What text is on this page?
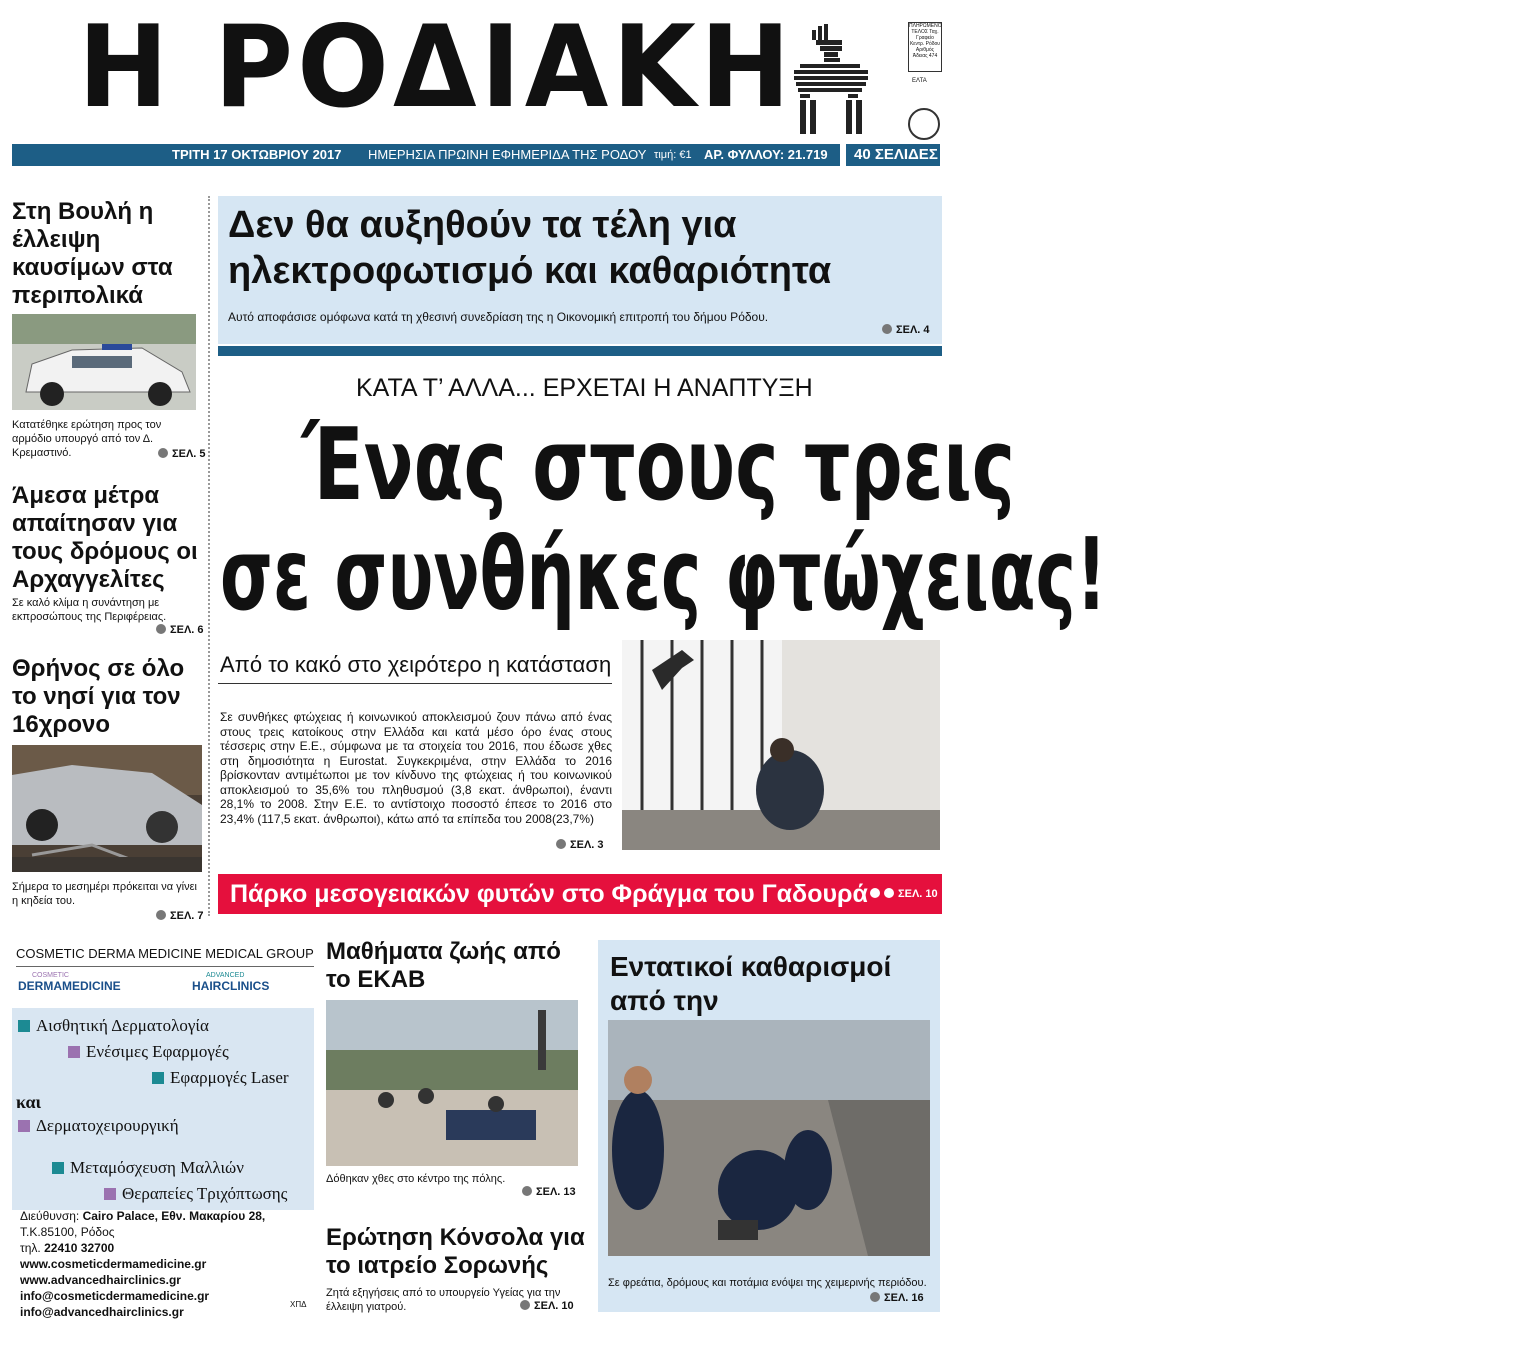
Η ΡΟΔΙΑΚΗ	ΠΛΗΡΩΜΕΝΟ ΤΕΛΟΣ Ταχ. Γραφείο Κεντρ. Ρόδου Αριθμός Άδειας 474
ΕΛΤΑ
ΤΡΙΤΗ 17 ΟΚΤΩΒΡΙΟΥ 2017 ΗΜΕΡΗΣΙΑ ΠΡΩΙΝΗ ΕΦΗΜΕΡΙΔΑ ΤΗΣ ΡΟΔΟΥ τιμή: €1 ΑΡ. ΦΥΛΛΟΥ: 21.719	40 ΣΕΛΙΔΕΣ
Στη Βουλή η έλλειψη καυσίμων στα περιπολικά
Κατατέθηκε ερώτηση προς τον αρμόδιο υπουργό από τον Δ. Κρεμαστινό.	ΣΕΛ. 5
Άμεσα μέτρα απαίτησαν για τους δρόμους οι Αρχαγγελίτες
Σε καλό κλίμα η συνάντηση με εκπροσώπους της Περιφέρειας.
ΣΕΛ. 6
Θρήνος σε όλο το νησί για τον 16χρονο
Σήμερα το μεσημέρι πρόκειται να γίνει η κηδεία του.
ΣΕΛ. 7
Δεν θα αυξηθούν τα τέλη για
ηλεκτροφωτισμό και καθαριότητα
Αυτό αποφάσισε ομόφωνα κατά τη χθεσινή συνεδρίαση της η Οικονομική επιτροπή του δήμου Ρόδου.
ΣΕΛ. 4
ΚΑΤΑ Τ’ ΑΛΛΑ... ΕΡΧΕΤΑΙ Η ΑΝΑΠΤΥΞΗ
Ένας στους τρεις
σε συνθήκες φτώχειας!
Από το κακό στο χειρότερο η κατάσταση
Σε συνθήκες φτώχειας ή κοινωνικού αποκλεισμού ζουν πάνω από ένας στους τρεις κατοίκους στην Ελλάδα και κατά μέσο όρο ένας στους τέσσερις στην Ε.Ε., σύμφωνα με τα στοιχεία του 2016, που έδωσε χθες στη δημοσιότητα η Eurostat. Συγκεκριμένα, στην Ελλάδα το 2016 βρίσκονταν αντιμέτωποι με τον κίνδυνο της φτώχειας ή του κοινωνικού αποκλεισμού το 35,6% του πληθυσμού (3,8 εκατ. άνθρωποι), έναντι 28,1% το 2008. Στην Ε.Ε. το αντίστοιχο ποσοστό έπεσε το 2016 στο 23,4% (117,5 εκατ. άνθρωποι), κάτω από τα επίπεδα του 2008(23,7%)
ΣΕΛ. 3
Πάρκο μεσογειακών φυτών στο Φράγμα του Γαδουρά	ΣΕΛ. 10
COSMETIC DERMA MEDICINE MEDICAL GROUP
COSMETIC
DERMAMEDICINE
ADVANCED
HAIRCLINICS
Αισθητική Δερματολογία
Ενέσιμες Εφαρμογές
Εφαρμογές Laser
και
Δερματοχειρουργική
Μεταμόσχευση Μαλλιών
Θεραπείες Τριχόπτωσης
Διεύθυνση: Cairo Palace, Εθν. Μακαρίου 28,
Τ.Κ.85100, Ρόδος
τηλ. 22410 32700
www.cosmeticdermamedicine.gr
www.advancedhairclinics.gr
info@cosmeticdermamedicine.gr
info@advancedhairclinics.gr
ΧΠΔ
Μαθήματα ζωής από το ΕΚΑΒ
Δόθηκαν χθες στο κέντρο της πόλης.
ΣΕΛ. 13
Ερώτηση Κόνσολα για το ιατρείο Σορωνής
Ζητά εξηγήσεις από το υπουργείο Υγείας για την έλλειψη γιατρού.	ΣΕΛ. 10
Εντατικοί καθαρισμοί από την
Σε φρεάτια, δρόμους και ποτάμια ενόψει της χειμερινής περιόδου.
ΣΕΛ. 16
